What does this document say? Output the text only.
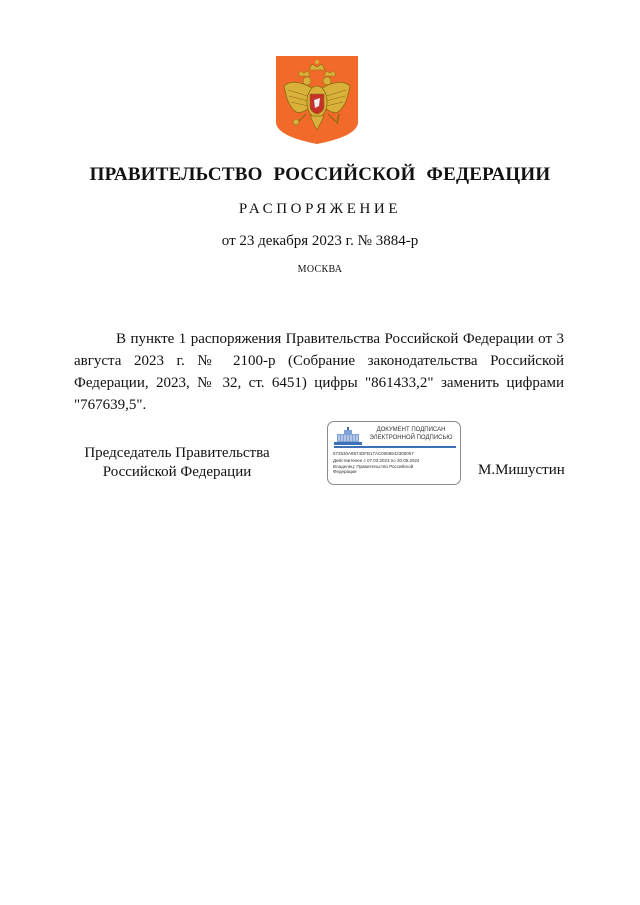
ПРАВИТЕЛЬСТВО РОССИЙСКОЙ ФЕДЕРАЦИИ
РАСПОРЯЖЕНИЕ
от 23 декабря 2023 г. № 3884-р
МОСКВА

В пункте 1 распоряжения Правительства Российской Федерации от 3 августа 2023 г. № 2100-р (Собрание законодательства Российской Федерации, 2023, № 32, ст. 6451) цифры "861433,2" заменить цифрами "767639,5".

Председатель Правительства
Российской Федерации
ДОКУМЕНТ ПОДПИСАН
ЭЛЕКТРОННОЙ ПОДПИСЬЮ
572530A6974DFB17AC0068642300057
Действителен с 07.03.2023 по 30.05.2024
Владелец: Правительство Российской
Федерации	М.Мишустин
